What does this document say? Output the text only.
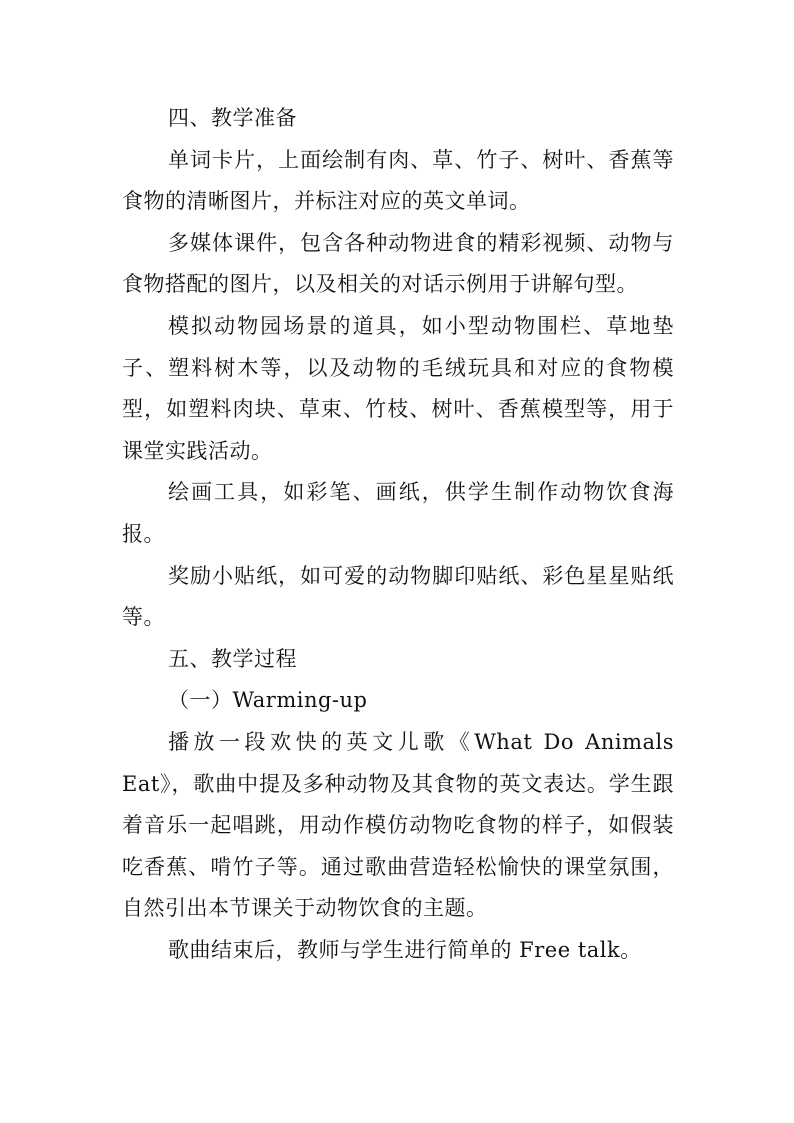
四、教学准备

单词卡片，上面绘制有肉、草、竹子、树叶、香蕉等食物的清晰图片，并标注对应的英文单词。

多媒体课件，包含各种动物进食的精彩视频、动物与食物搭配的图片，以及相关的对话示例用于讲解句型。

模拟动物园场景的道具，如小型动物围栏、草地垫子、塑料树木等，以及动物的毛绒玩具和对应的食物模型，如塑料肉块、草束、竹枝、树叶、香蕉模型等，用于课堂实践活动。

绘画工具，如彩笔、画纸，供学生制作动物饮食海报。

奖励小贴纸，如可爱的动物脚印贴纸、彩色星星贴纸等。

五、教学过程

（一）Warming-up

播放一段欢快的英文儿歌《What Do Animals Eat》，歌曲中提及多种动物及其食物的英文表达。学生跟着音乐一起唱跳，用动作模仿动物吃食物的样子，如假装吃香蕉、啃竹子等。通过歌曲营造轻松愉快的课堂氛围，自然引出本节课关于动物饮食的主题。

歌曲结束后，教师与学生进行简单的 Free talk。
